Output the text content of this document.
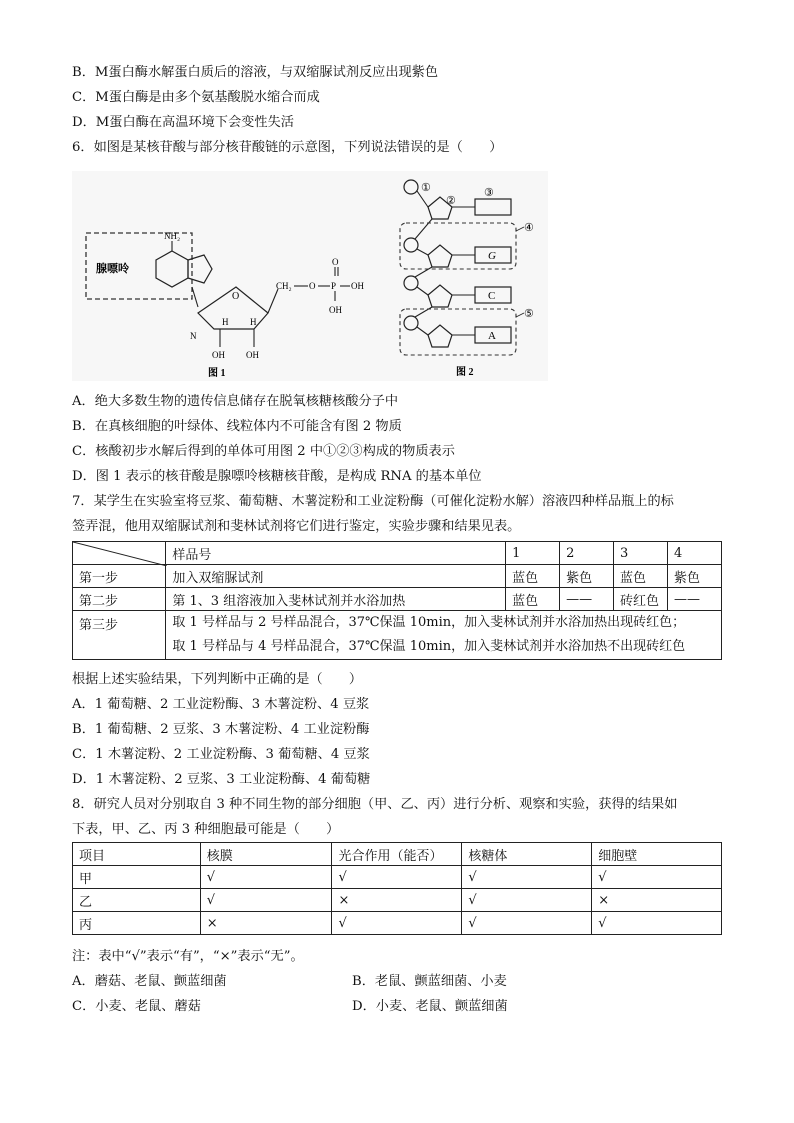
B．M蛋白酶水解蛋白质后的溶液，与双缩脲试剂反应出现紫色
C．M蛋白酶是由多个氨基酸脱水缩合而成
D．M蛋白酶在高温环境下会变性失活
6．如图是某核苷酸与部分核苷酸链的示意图，下列说法错误的是（　　）
腺嘌呤
NH₂
N
O
H H
OH OH
CH₂ O P
O
OH
OH
图 1
G
C
A
①
②
③
④
⑤
图 2
A．绝大多数生物的遗传信息储存在脱氧核糖核酸分子中
B．在真核细胞的叶绿体、线粒体内不可能含有图 2 物质
C．核酸初步水解后得到的单体可用图 2 中①②③构成的物质表示
D．图 1 表示的核苷酸是腺嘌呤核糖核苷酸，是构成 RNA 的基本单位
7．某学生在实验室将豆浆、葡萄糖、木薯淀粉和工业淀粉酶（可催化淀粉水解）溶液四种样品瓶上的标
签弄混，他用双缩脲试剂和斐林试剂将它们进行鉴定，实验步骤和结果见表。
	样品号	1	2	3	4
第一步	加入双缩脲试剂	蓝色	紫色	蓝色	紫色
第二步	第 1、3 组溶液加入斐林试剂并水浴加热	蓝色	——	砖红色	——
第三步	取 1 号样品与 2 号样品混合，37℃保温 10min，加入斐林试剂并水浴加热出现砖红色；
取 1 号样品与 4 号样品混合，37℃保温 10min，加入斐林试剂并水浴加热不出现砖红色				
根据上述实验结果，下列判断中正确的是（　　）
A．1 葡萄糖、2 工业淀粉酶、3 木薯淀粉、4 豆浆
B．1 葡萄糖、2 豆浆、3 木薯淀粉、4 工业淀粉酶
C．1 木薯淀粉、2 工业淀粉酶、3 葡萄糖、4 豆浆
D．1 木薯淀粉、2 豆浆、3 工业淀粉酶、4 葡萄糖
8．研究人员对分别取自 3 种不同生物的部分细胞（甲、乙、丙）进行分析、观察和实验，获得的结果如
下表，甲、乙、丙 3 种细胞最可能是（　　）
项目	核膜	光合作用（能否）	核糖体	细胞壁
甲	√	√	√	√
乙	√	×	√	×
丙	×	√	√	√
注：表中“√”表示“有”，“×”表示“无”。
A．蘑菇、老鼠、颤蓝细菌	B．老鼠、颤蓝细菌、小麦
C．小麦、老鼠、蘑菇	D．小麦、老鼠、颤蓝细菌
